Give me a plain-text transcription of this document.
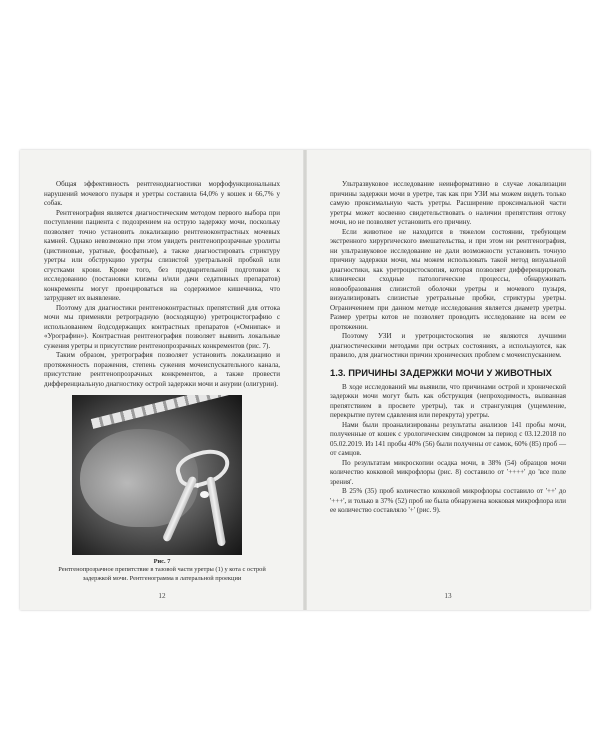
Общая эффективность рентгенодиагностики морфофункциональных нарушений мочевого пузыря и уретры составила 64,0% у кошек и 66,7% у собак.

Рентгенография является диагностическим методом первого выбора при поступлении пациента с подозрением на острую задержку мочи, поскольку позволяет точно установить локализацию рентгеноконтрастных мочевых камней. Однако невозможно при этом увидеть рентгенопрозрачные уролиты (цистиновые, уратные, фосфатные), а также диагностировать стриктуру уретры или обструкцию уретры слизистой уретральной пробкой или сгустками крови. Кроме того, без предварительной подготовки к исследованию (постановки клизмы и/или дачи седативных препаратов) конкременты могут проецироваться на содержимое кишечника, что затрудняет их выявление.

Поэтому для диагностики рентгеноконтрастных препятствий для оттока мочи мы применяли ретроградную (восходящую) уретроцистографию с использованием йодсодержащих контрастных препаратов («Омнипак» и «Урографин»). Контрастная рентгенография позволяет выявить локальные сужения уретры и присутствие рентгенопрозрачных конкрементов (рис. 7).

Таким образом, уретрография позволяет установить локализацию и протяженность поражения, степень сужения мочеиспускательного канала, присутствие рентгенопрозрачных конкрементов, а также провести дифференциальную диагностику острой задержки мочи и анурии (олигурии).

1
Рис. 7
Рентгенопрозрачное препятствие в тазовой части уретры (1) у кота с острой задержкой мочи. Рентгенограмма в латеральной проекции
12

Ультразвуковое исследование неинформативно в случае локализации причины задержки мочи в уретре, так как при УЗИ мы можем видеть только самую проксимальную часть уретры. Расширение проксимальной части уретры может косвенно свидетельствовать о наличии препятствия оттоку мочи, но не позволяет установить его причину.

Если животное не находится в тяжелом состоянии, требующем экстренного хирургического вмешательства, и при этом ни рентгенография, ни ультразвуковое исследование не дали возможности установить точную причину задержки мочи, мы можем использовать такой метод визуальной диагностики, как уретроцистоскопия, которая позволяет дифференцировать клинически сходные патологические процессы, обнаруживать новообразования слизистой оболочки уретры и мочевого пузыря, визуализировать слизистые уретральные пробки, стриктуры уретры. Ограничением при данном методе исследования является диаметр уретры. Размер уретры котов не позволяет проводить исследование на всем ее протяжении.

Поэтому УЗИ и уретроцистоскопия не являются лучшими диагностическими методами при острых состояниях, а используются, как правило, для диагностики причин хронических проблем с мочеиспусканием.

1.3. ПРИЧИНЫ ЗАДЕРЖКИ МОЧИ У ЖИВОТНЫХ

В ходе исследований мы выявили, что причинами острой и хронической задержки мочи могут быть как обструкция (непроходимость, вызванная препятствием в просвете уретры), так и странгуляция (ущемление, перекрытие путем сдавления или перекрута) уретры.

Нами были проанализированы результаты анализов 141 пробы мочи, полученные от кошек с урологическим синдромом за период с 03.12.2018 по 05.02.2019. Из 141 пробы 40% (56) были получены от самок, 60% (85) проб — от самцов.

По результатам микроскопии осадка мочи, в 38% (54) образцов мочи количество кокковой микрофлоры (рис. 8) составило от '++++' до 'все поле зрения'.

В 25% (35) проб количество кокковой микрофлоры составило от '++' до '+++', и только в 37% (52) проб не была обнаружена кокковая микрофлора или ее количество составляло '+' (рис. 9).

13
